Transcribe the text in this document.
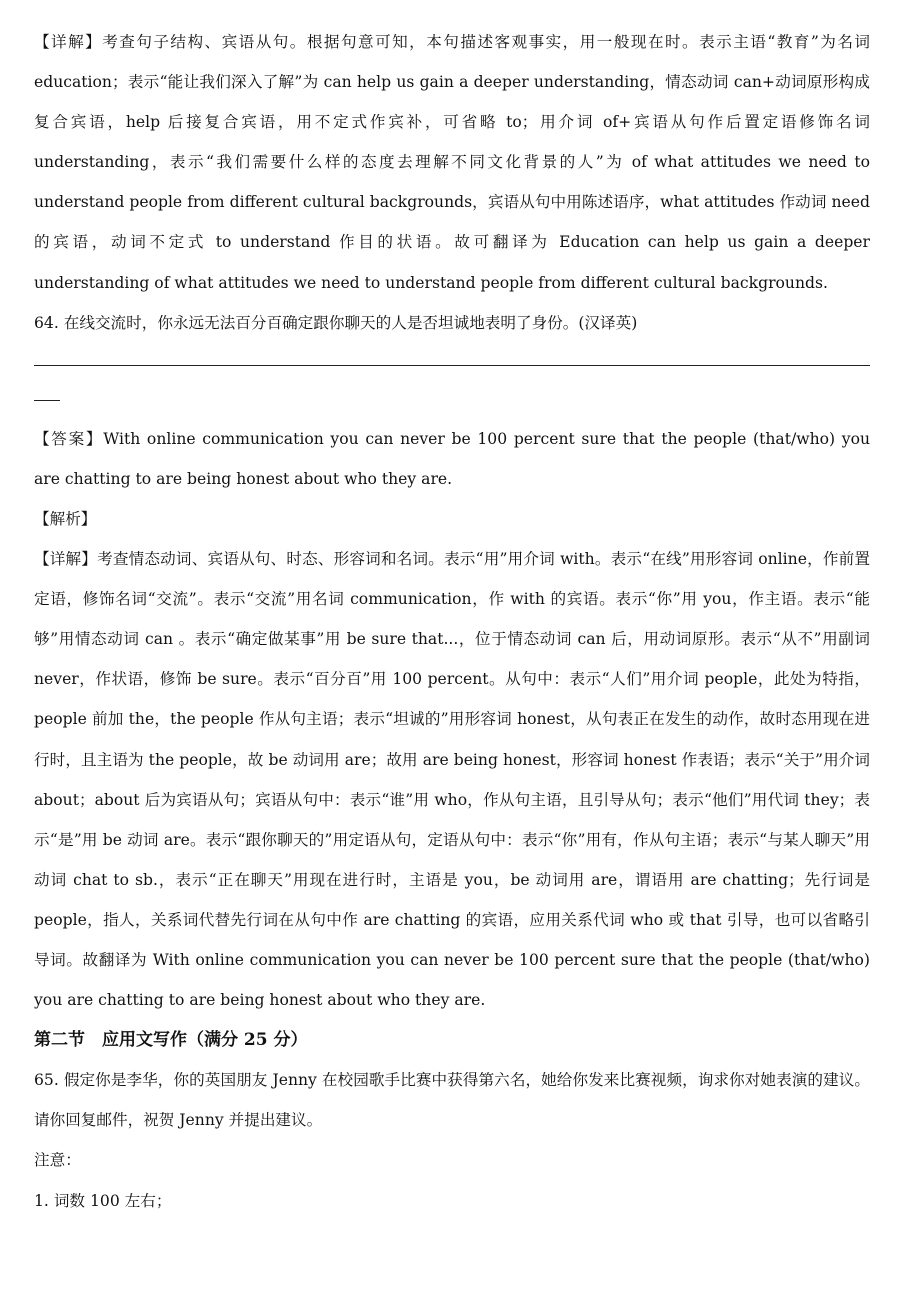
【详解】考查句子结构、宾语从句。根据句意可知，本句描述客观事实，用一般现在时。表示主语“教育”为名词 education；表示“能让我们深入了解”为 can help us gain a deeper understanding，情态动词 can+动词原形构成复合宾语，help 后接复合宾语，用不定式作宾补，可省略 to；用介词 of+宾语从句作后置定语修饰名词 understanding，表示“我们需要什么样的态度去理解不同文化背景的人”为 of what attitudes we need to understand people from different cultural backgrounds，宾语从句中用陈述语序，what attitudes 作动词 need 的宾语，动词不定式 to understand 作目的状语。故可翻译为 Education can help us gain a deeper understanding of what attitudes we need to understand people from different cultural backgrounds.

64. 在线交流时，你永远无法百分百确定跟你聊天的人是否坦诚地表明了身份。(汉译英)

【答案】With online communication you can never be 100 percent sure that the people (that/who) you are chatting to are being honest about who they are.

【解析】

【详解】考查情态动词、宾语从句、时态、形容词和名词。表示“用”用介词 with。表示“在线”用形容词 online，作前置定语，修饰名词“交流”。表示“交流”用名词 communication，作 with 的宾语。表示“你”用 you，作主语。表示“能够”用情态动词 can 。表示“确定做某事”用 be sure that...，位于情态动词 can 后，用动词原形。表示“从不”用副词 never，作状语，修饰 be sure。表示“百分百”用 100 percent。从句中：表示“人们”用介词 people，此处为特指，people 前加 the，the people 作从句主语；表示“坦诚的”用形容词 honest，从句表正在发生的动作，故时态用现在进行时，且主语为 the people，故 be 动词用 are；故用 are being honest，形容词 honest 作表语；表示“关于”用介词 about；about 后为宾语从句；宾语从句中：表示“谁”用 who，作从句主语，且引导从句；表示“他们”用代词 they；表示“是”用 be 动词 are。表示“跟你聊天的”用定语从句，定语从句中：表示“你”用有，作从句主语；表示“与某人聊天”用动词 chat to sb.，表示“正在聊天”用现在进行时，主语是 you，be 动词用 are，谓语用 are chatting；先行词是 people，指人，关系词代替先行词在从句中作 are chatting 的宾语，应用关系代词 who 或 that 引导，也可以省略引导词。故翻译为 With online communication you can never be 100 percent sure that the people (that/who) you are chatting to are being honest about who they are.

第二节　应用文写作（满分 25 分）

65. 假定你是李华，你的英国朋友 Jenny 在校园歌手比赛中获得第六名，她给你发来比赛视频，询求你对她表演的建议。请你回复邮件，祝贺 Jenny 并提出建议。

注意：

1. 词数 100 左右；
